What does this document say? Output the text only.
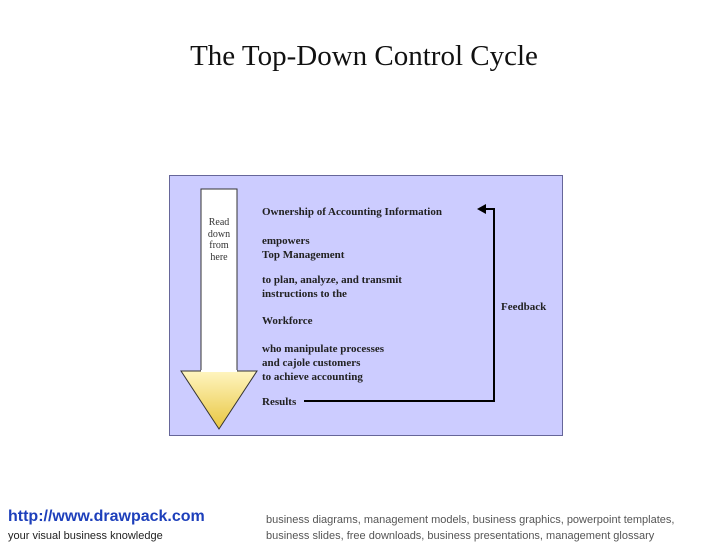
The Top-Down Control Cycle
Read
down
from
here
Ownership of Accounting Information
empowers
Top Management
to plan, analyze, and transmit
instructions to the
Workforce
who manipulate processes
and cajole customers
to achieve accounting
Results
Feedback
http://www.drawpack.com
your visual business knowledge
business diagrams, management models, business graphics, powerpoint templates, business slides, free downloads, business presentations, management glossary
